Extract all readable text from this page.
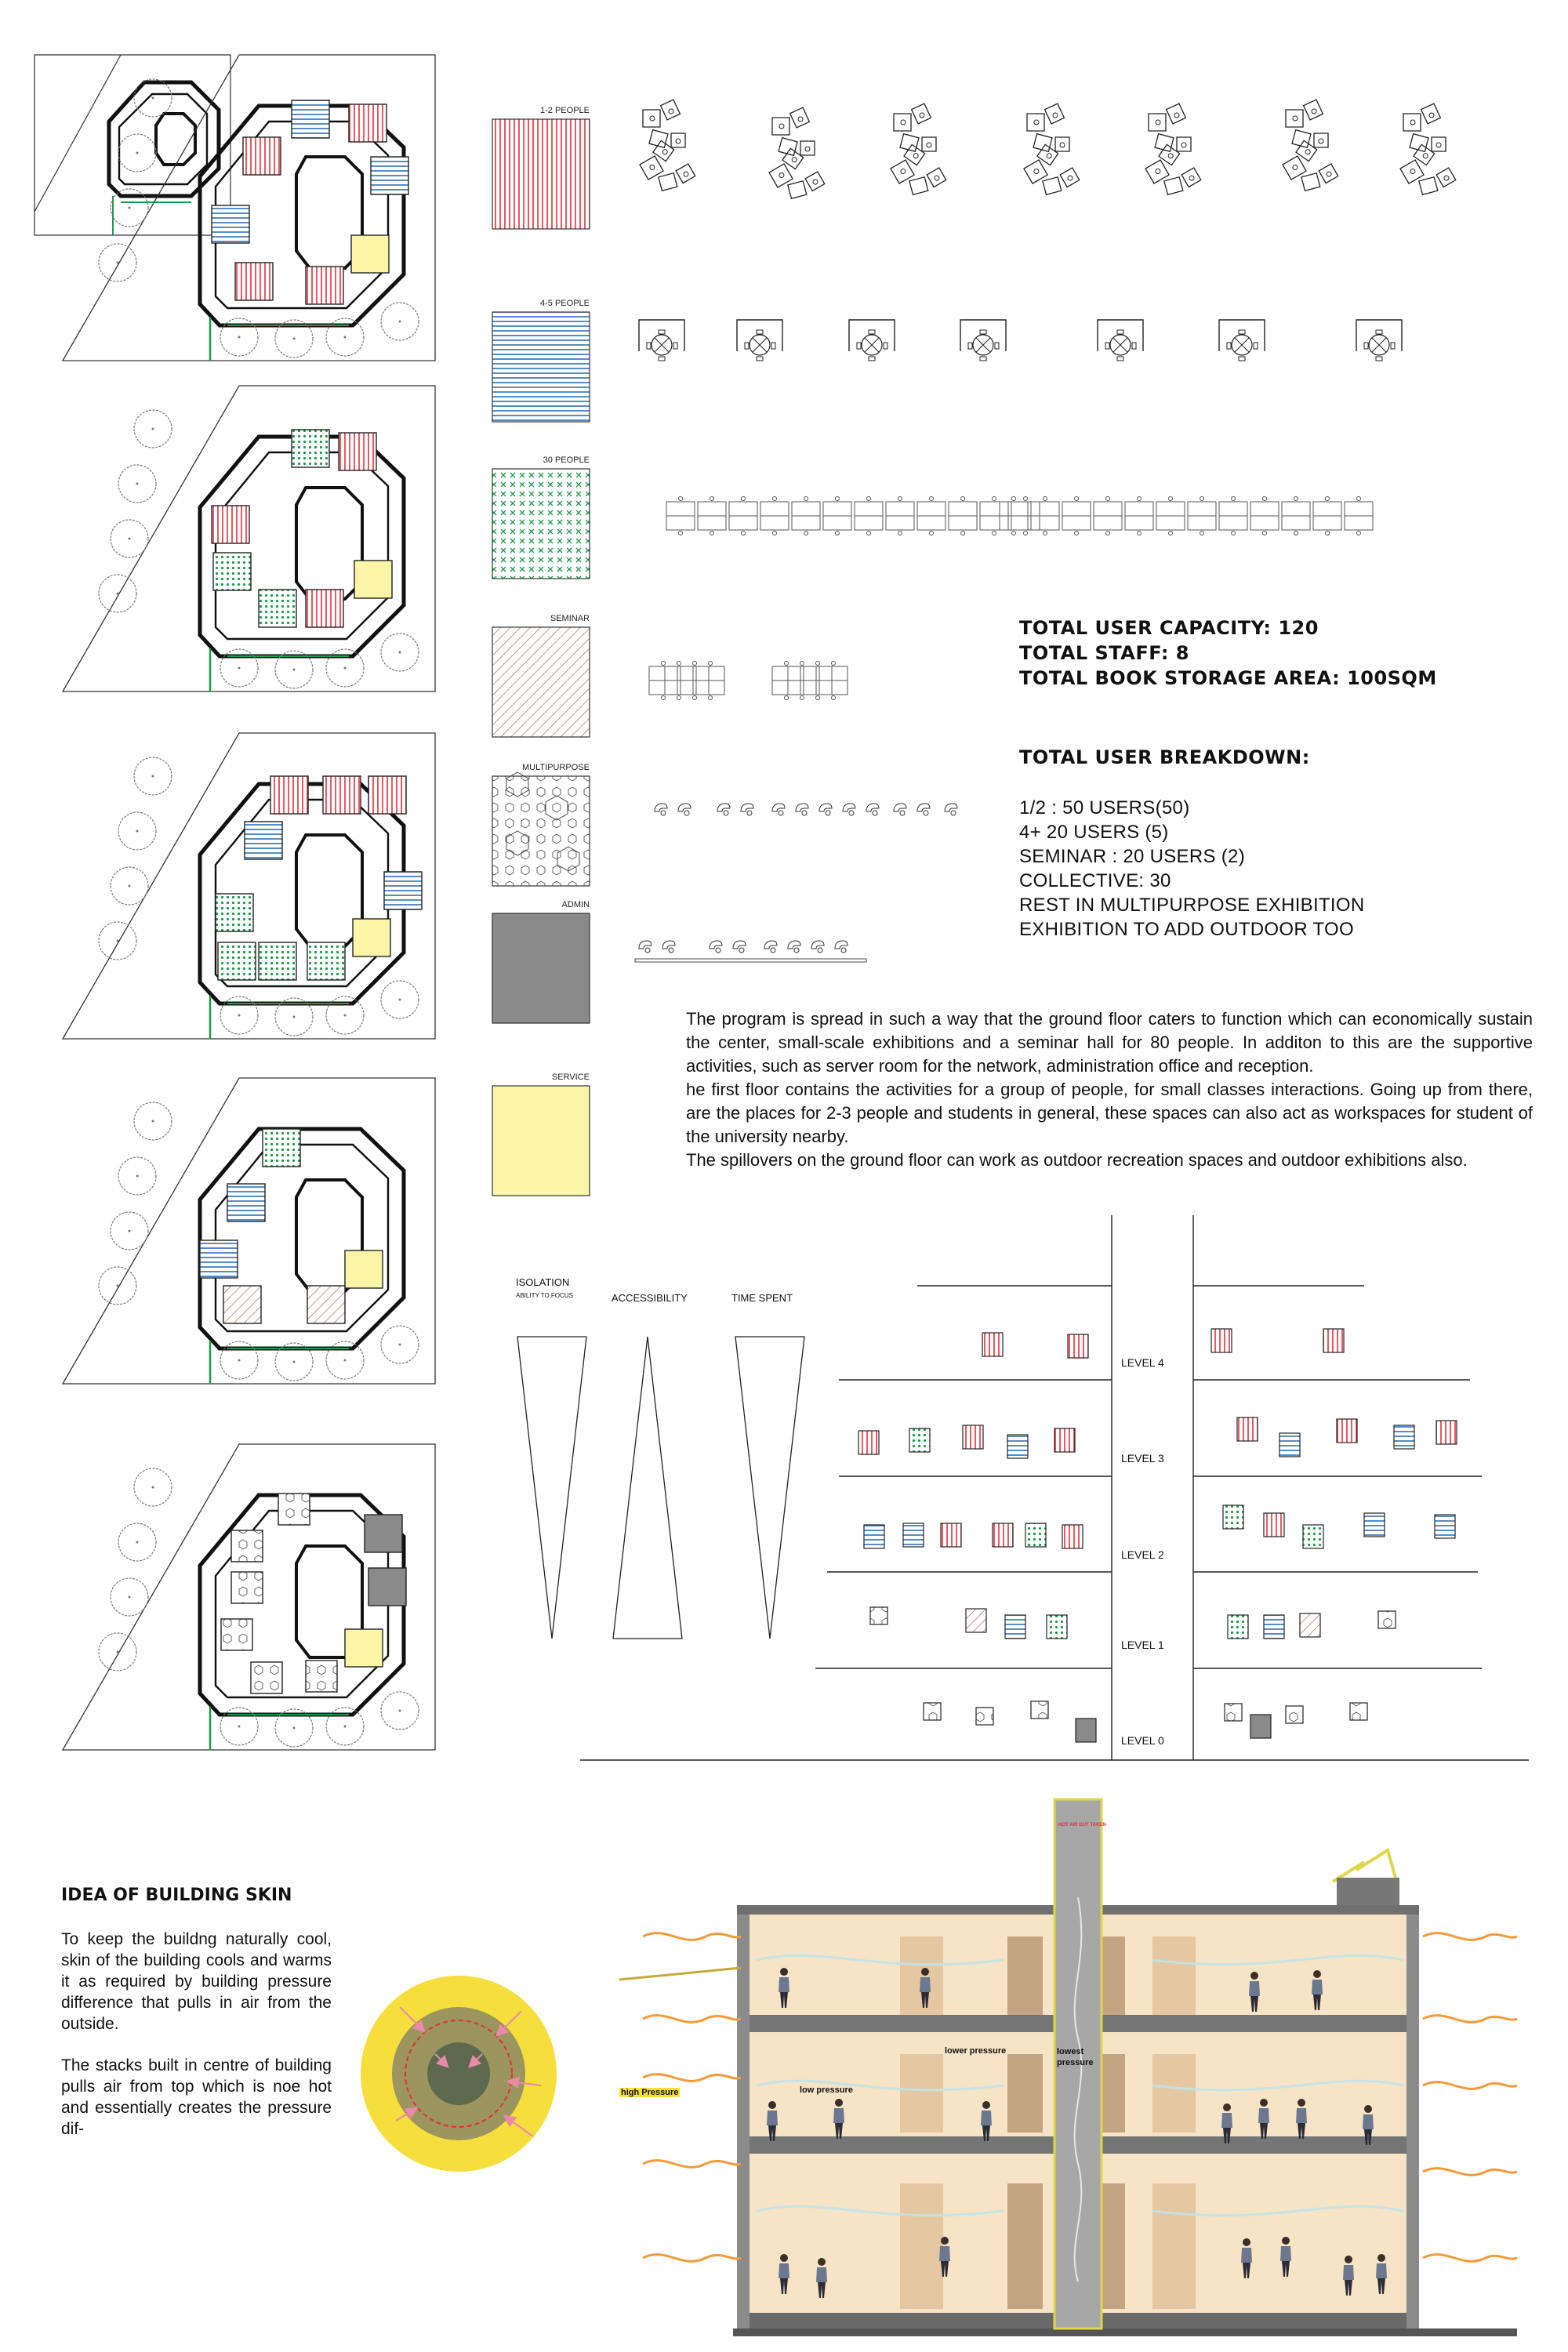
1-2 PEOPLE
4-5 PEOPLE
30 PEOPLE
SEMINAR
MULTIPURPOSE
ADMIN
SERVICE
TOTAL USER CAPACITY: 120
TOTAL STAFF: 8
TOTAL BOOK STORAGE AREA: 100SQM
TOTAL USER BREAKDOWN:
1/2 : 50 USERS(50)
4+ 20 USERS (5)
SEMINAR : 20 USERS (2)
COLLECTIVE: 30
REST IN MULTIPURPOSE EXHIBITION
EXHIBITION TO ADD OUTDOOR TOO

The program is spread in such a way that the ground floor caters to function which can economically sustain the center, small-scale exhibitions and a seminar hall for 80 people. In additon to this are the supportive activities, such as server room for the network, administration office and reception.

he first floor contains the activities for a group of people, for small classes interactions. Going up from there, are the places for 2-3 people and students in general, these spaces can also act as workspaces for student of the university nearby.

The spillovers on the ground floor can work as outdoor recreation spaces and outdoor exhibitions also.

ISOLATION
ABILITY TO FOCUS	ACCESSIBILITY	TIME SPENT
LEVEL 4
LEVEL 3
LEVEL 2
LEVEL 1
LEVEL 0
IDEA OF BUILDING SKIN

To keep the buildng naturally cool, skin of the building cools and warms it as required by building pressure difference that pulls in air from the outside.

The stacks built in centre of building pulls air from top which is noe hot and essentially creates the pressure dif-

high Pressure	low pressure
lower pressure	lowest pressure
HOT AIR OUT TAKEN
